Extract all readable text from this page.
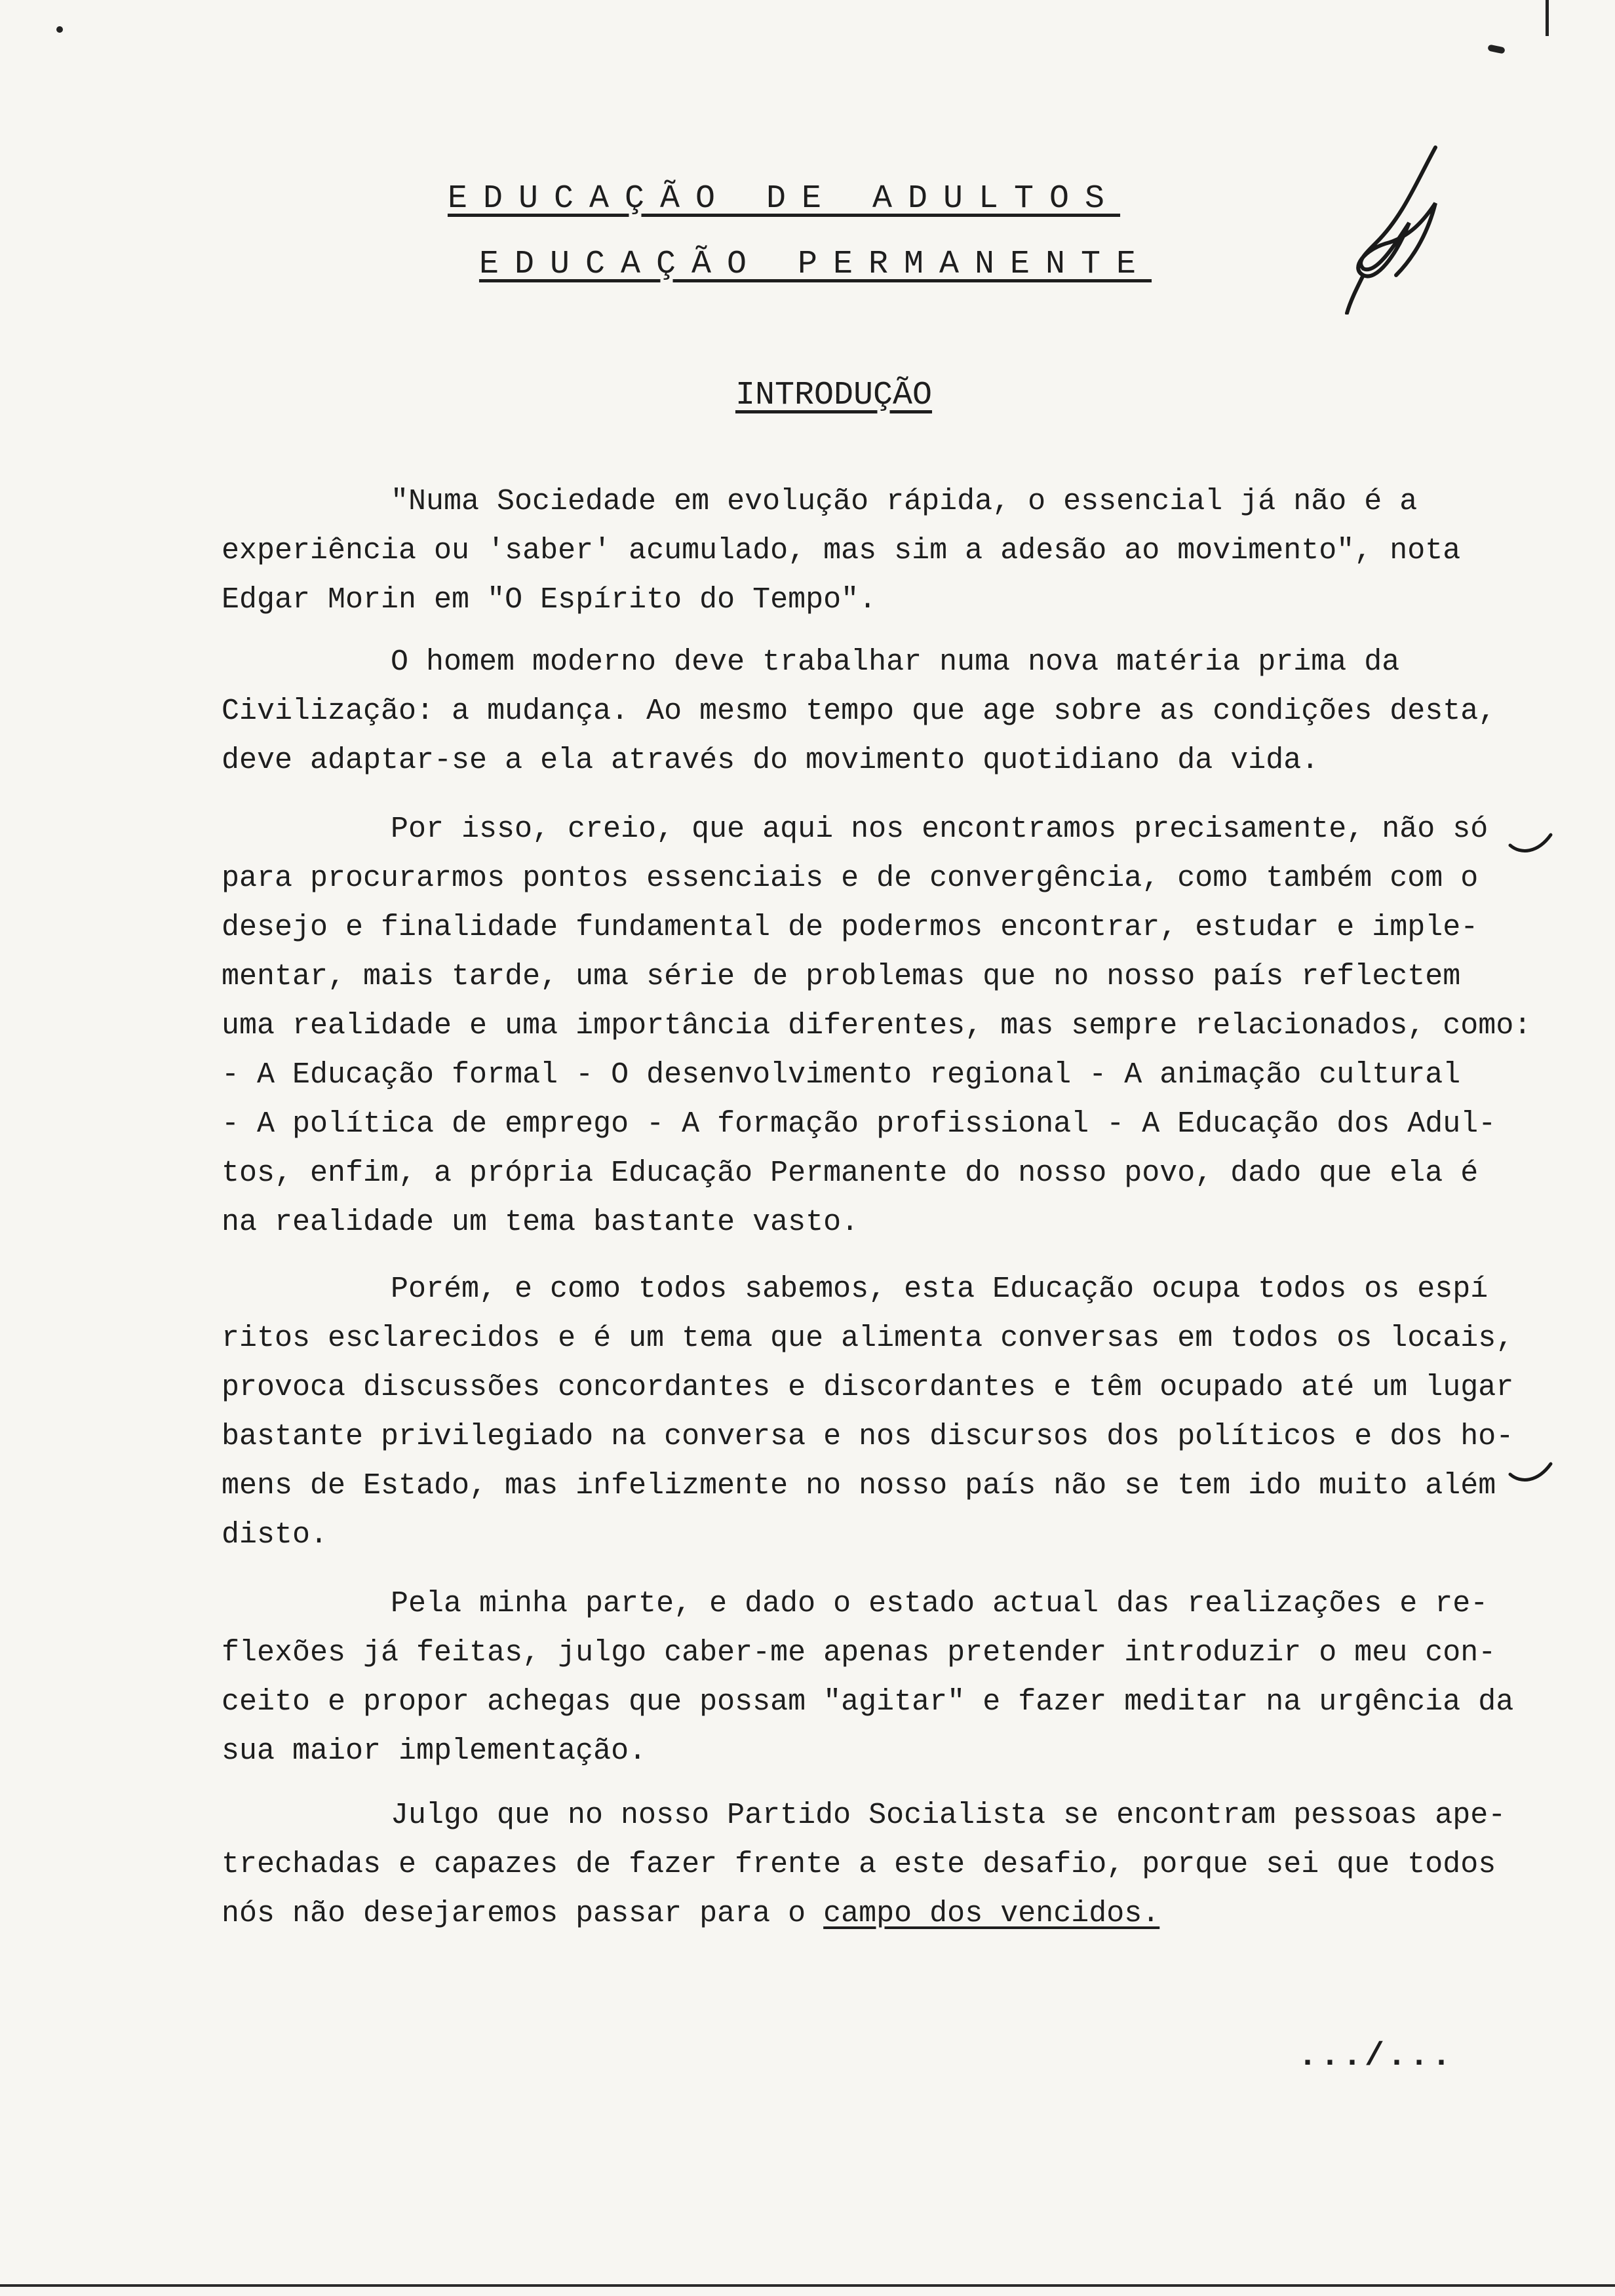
EDUCAÇÃO DE ADULTOS
EDUCAÇÃO PERMANENTE
INTRODUÇÃO
"Numa Sociedade em evolução rápida, o essencial já não é a
experiência ou 'saber' acumulado, mas sim a adesão ao movimento", nota
Edgar Morin em "O Espírito do Tempo".
O homem moderno deve trabalhar numa nova matéria prima da
Civilização: a mudança. Ao mesmo tempo que age sobre as condições desta,
deve adaptar-se a ela através do movimento quotidiano da vida.
Por isso, creio, que aqui nos encontramos precisamente, não só
para procurarmos pontos essenciais e de convergência, como também com o
desejo e finalidade fundamental de podermos encontrar, estudar e imple-
mentar, mais tarde, uma série de problemas que no nosso país reflectem
uma realidade e uma importância diferentes, mas sempre relacionados, como:
- A Educação formal - O desenvolvimento regional - A animação cultural
- A política de emprego - A formação profissional - A Educação dos Adul-
tos, enfim, a própria Educação Permanente do nosso povo, dado que ela é
na realidade um tema bastante vasto.
Porém, e como todos sabemos, esta Educação ocupa todos os espí
ritos esclarecidos e é um tema que alimenta conversas em todos os locais,
provoca discussões concordantes e discordantes e têm ocupado até um lugar
bastante privilegiado na conversa e nos discursos dos políticos e dos ho-
mens de Estado, mas infelizmente no nosso país não se tem ido muito além
disto.
Pela minha parte, e dado o estado actual das realizações e re-
flexões já feitas, julgo caber-me apenas pretender introduzir o meu con-
ceito e propor achegas que possam "agitar" e fazer meditar na urgência da
sua maior implementação.
Julgo que no nosso Partido Socialista se encontram pessoas ape-
trechadas e capazes de fazer frente a este desafio, porque sei que todos
nós não desejaremos passar para o campo dos vencidos.
.../...
